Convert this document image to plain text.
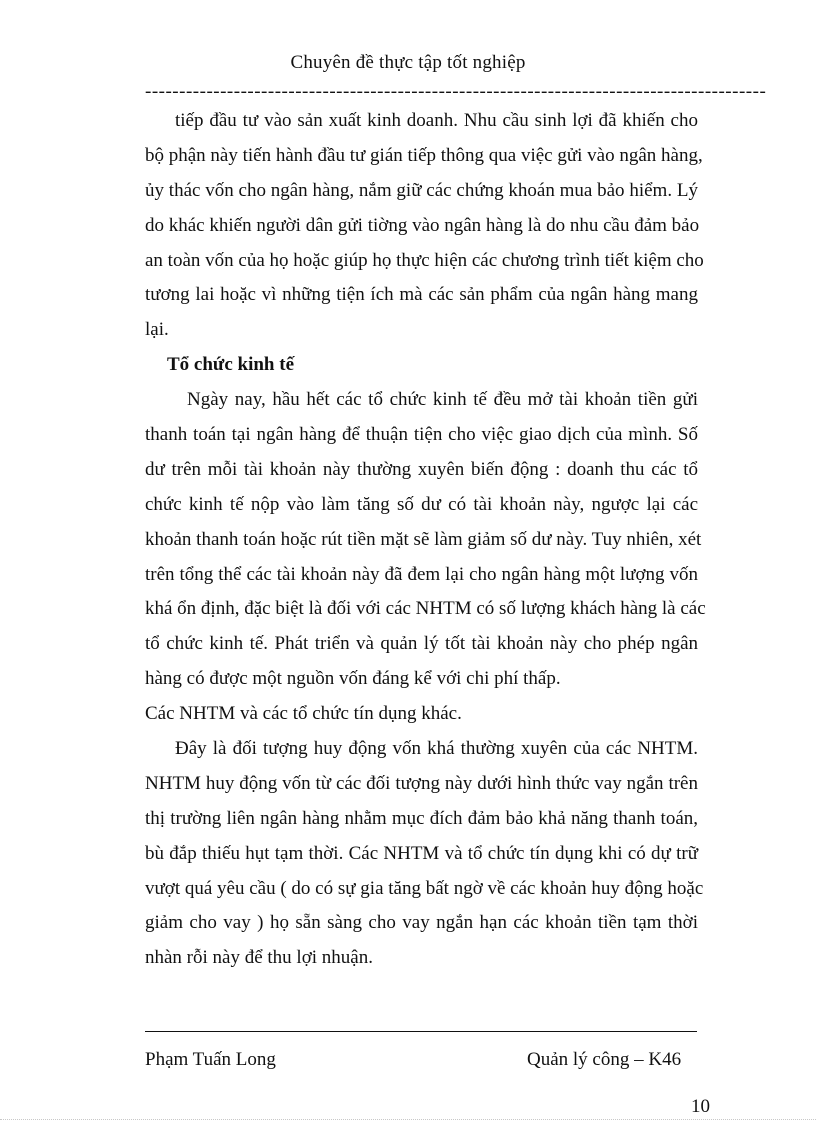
Chuyên đề thực tập tốt nghiệp
-------------------------------------------------------------------------------------------
tiếp đầu tư vào sản xuất kinh doanh. Nhu cầu sinh lợi đã khiến cho
bộ phận này tiến hành đầu tư gián tiếp thông qua việc gửi vào ngân hàng,
ủy thác vốn cho ngân hàng, nắm giữ các chứng khoán mua bảo hiểm. Lý
do khác khiến người dân gửi tiờng vào ngân hàng là do nhu cầu đảm bảo
an toàn vốn của họ hoặc giúp họ thực hiện các chương trình tiết kiệm cho
tương lai hoặc vì những tiện ích mà các sản phẩm của ngân hàng mang
lại.
Tổ chức kinh tế
Ngày nay, hầu hết các tổ chức kinh tế đều mở tài khoản tiền gửi
thanh toán tại ngân hàng để thuận tiện cho việc giao dịch của mình. Số
dư trên mỗi tài khoản này thường xuyên biến động : doanh thu các tổ
chức kinh tế nộp vào làm tăng số dư có tài khoản này, ngược lại các
khoản thanh toán hoặc rút tiền mặt sẽ làm giảm số dư này. Tuy nhiên, xét
trên tổng thể các tài khoản này đã đem lại cho ngân hàng một lượng vốn
khá ổn định, đặc biệt là đối với các NHTM có số lượng khách hàng là các
tổ chức kinh tế. Phát triển và quản lý tốt tài khoản này cho phép ngân
hàng có được một nguồn vốn đáng kể với chi phí thấp.
Các NHTM và các tổ chức tín dụng khác.
Đây là đối tượng huy động vốn khá thường xuyên của các NHTM.
NHTM huy động vốn từ các đối tượng này dưới hình thức vay ngắn trên
thị trường liên ngân hàng nhằm mục đích đảm bảo khả năng thanh toán,
bù đắp thiếu hụt tạm thời. Các NHTM và tổ chức tín dụng khi có dự trữ
vượt quá yêu cầu ( do có sự gia tăng bất ngờ về các khoản huy động hoặc
giảm cho vay ) họ sẵn sàng cho vay ngắn hạn các khoản tiền tạm thời
nhàn rỗi này để thu lợi nhuận.
Phạm Tuấn Long	Quản lý công – K46
10
